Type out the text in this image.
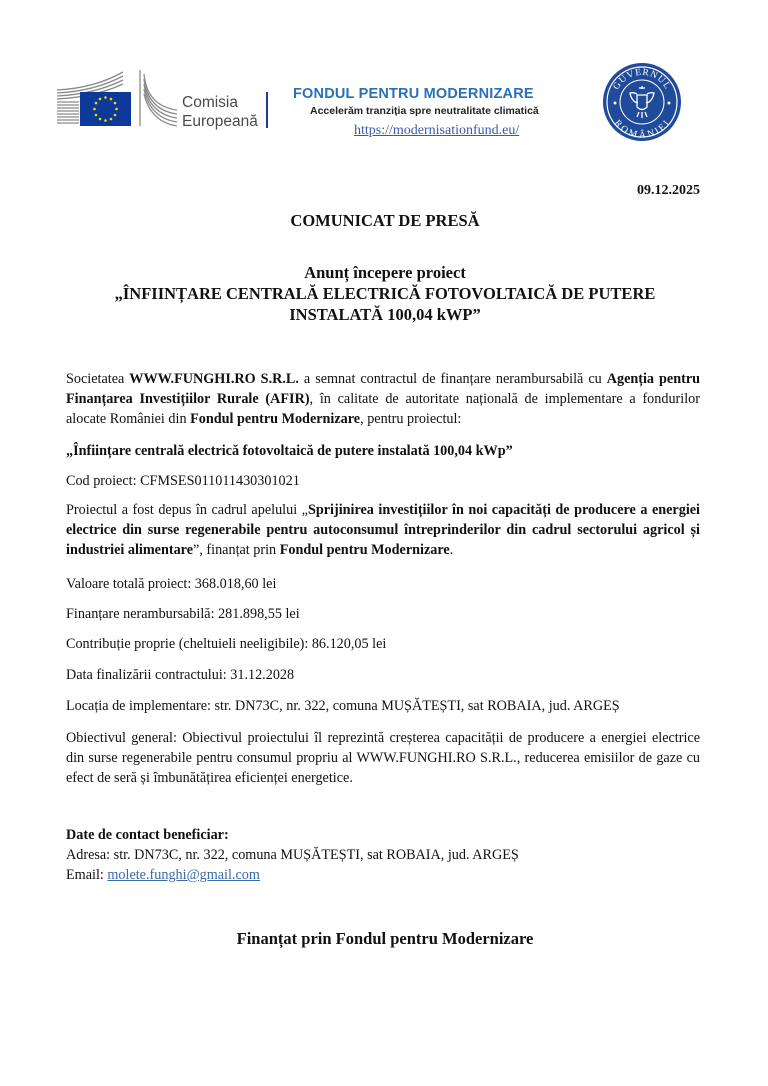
Comisia
Europeană
FONDUL PENTRU MODERNIZARE
Accelerăm tranziția spre neutralitate climatică
https://modernisationfund.eu/
GUVERNUL
ROMÂNIEI
09.12.2025
COMUNICAT DE PRESĂ
Anunț începere proiect
„ÎNFIINȚARE CENTRALĂ ELECTRICĂ FOTOVOLTAICĂ DE PUTERE
INSTALATĂ 100,04 kWP”
Societatea WWW.FUNGHI.RO S.R.L. a semnat contractul de finanțare nerambursabilă cu Agenția pentru Finanțarea Investițiilor Rurale (AFIR), în calitate de autoritate națională de implementare a fondurilor alocate României din Fondul pentru Modernizare, pentru proiectul:
„Înființare centrală electrică fotovoltaică de putere instalată 100,04 kWp”
Cod proiect: CFMSES011011430301021
Proiectul a fost depus în cadrul apelului „Sprijinirea investițiilor în noi capacități de producere a energiei electrice din surse regenerabile pentru autoconsumul întreprinderilor din cadrul sectorului agricol și industriei alimentare”, finanțat prin Fondul pentru Modernizare.
Valoare totală proiect: 368.018,60 lei
Finanțare nerambursabilă: 281.898,55 lei
Contribuție proprie (cheltuieli neeligibile): 86.120,05 lei
Data finalizării contractului: 31.12.2028
Locația de implementare: str. DN73C, nr. 322, comuna MUȘĂTEȘTI, sat ROBAIA, jud. ARGEȘ
Obiectivul general: Obiectivul proiectului îl reprezintă creșterea capacității de producere a energiei electrice din surse regenerabile pentru consumul propriu al WWW.FUNGHI.RO S.R.L., reducerea emisiilor de gaze cu efect de seră și îmbunătățirea eficienței energetice.
Date de contact beneficiar:
Adresa: str. DN73C, nr. 322, comuna MUȘĂTEȘTI, sat ROBAIA, jud. ARGEȘ
Email: molete.funghi@gmail.com
Finanțat prin Fondul pentru Modernizare
